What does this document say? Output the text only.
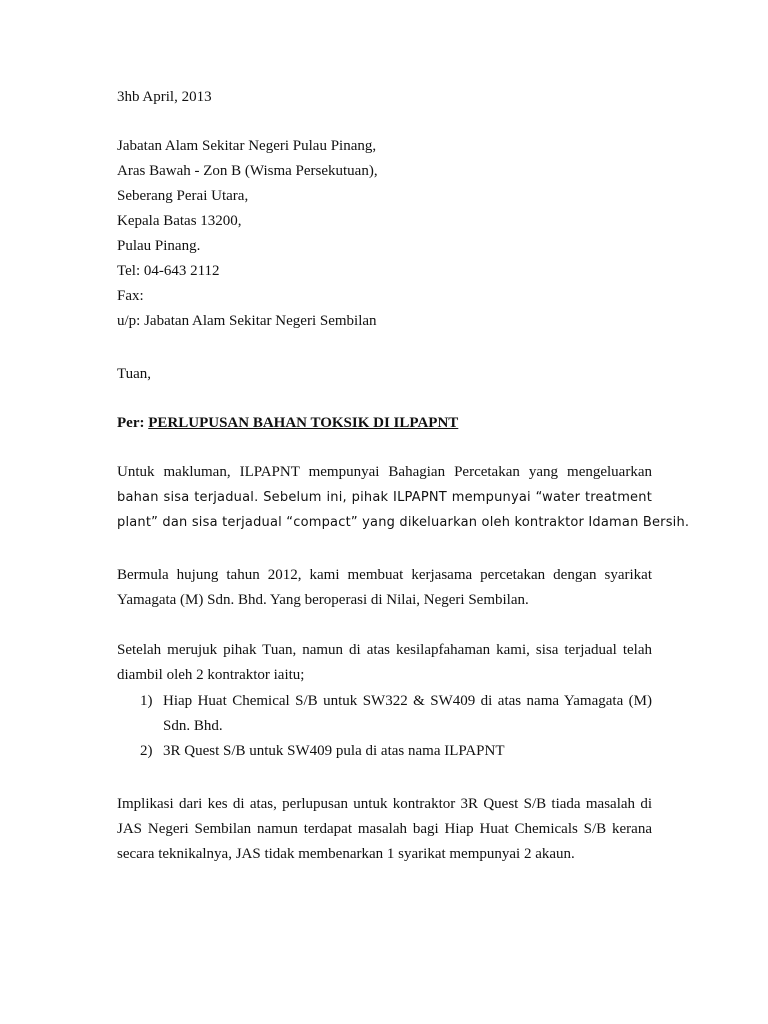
3hb April, 2013
Jabatan Alam Sekitar Negeri Pulau Pinang,
Aras Bawah - Zon B (Wisma Persekutuan),
Seberang Perai Utara,
Kepala Batas 13200,
Pulau Pinang.
Tel: 04-643 2112
Fax:
u/p: Jabatan Alam Sekitar Negeri Sembilan
Tuan,
Per: PERLUPUSAN BAHAN TOKSIK DI ILPAPNT
Untuk makluman, ILPAPNT mempunyai Bahagian Percetakan yang mengeluarkan
bahan sisa terjadual. Sebelum ini, pihak ILPAPNT mempunyai “water treatment
plant” dan sisa terjadual “compact” yang dikeluarkan oleh kontraktor Idaman Bersih.
Bermula hujung tahun 2012, kami membuat kerjasama percetakan dengan syarikat
Yamagata (M) Sdn. Bhd. Yang beroperasi di Nilai, Negeri Sembilan.
Setelah merujuk pihak Tuan, namun di atas kesilapfahaman kami, sisa terjadual telah
diambil oleh 2 kontraktor iaitu;
1) Hiap Huat Chemical S/B untuk SW322 & SW409 di atas nama Yamagata (M)
Sdn. Bhd.
2) 3R Quest S/B untuk SW409 pula di atas nama ILPAPNT
Implikasi dari kes di atas, perlupusan untuk kontraktor 3R Quest S/B tiada masalah di
JAS Negeri Sembilan namun terdapat masalah bagi Hiap Huat Chemicals S/B kerana
secara teknikalnya, JAS tidak membenarkan 1 syarikat mempunyai 2 akaun.
